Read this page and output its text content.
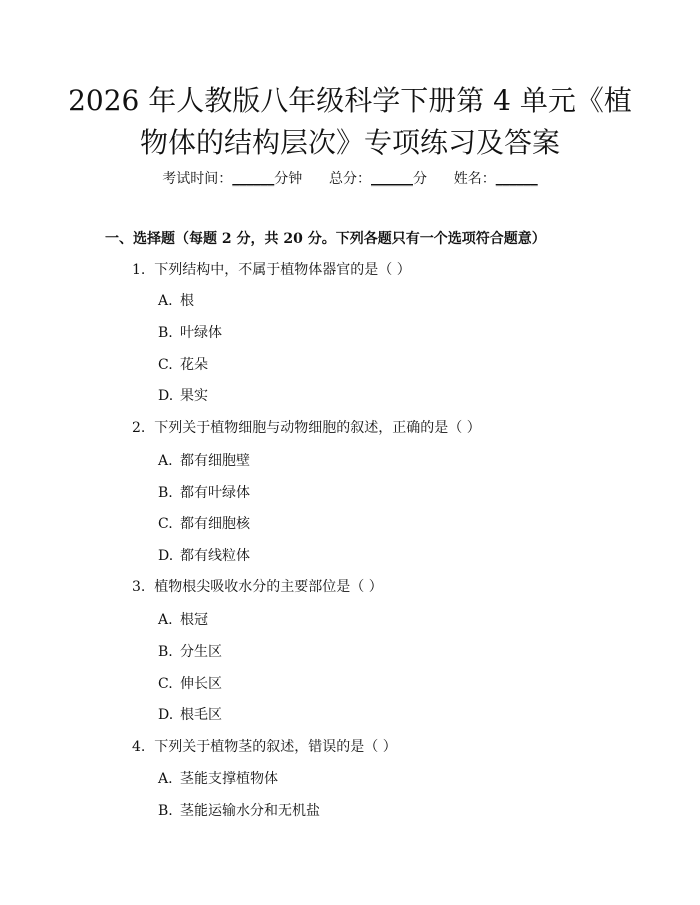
2026 年人教版八年级科学下册第 4 单元《植
物体的结构层次》专项练习及答案
考试时间：______分钟 总分：______分 姓名：______
一、选择题（每题 2 分，共 20 分。下列各题只有一个选项符合题意）
1. 下列结构中，不属于植物体器官的是（ ）
A. 根
B. 叶绿体
C. 花朵
D. 果实
2. 下列关于植物细胞与动物细胞的叙述，正确的是（ ）
A. 都有细胞壁
B. 都有叶绿体
C. 都有细胞核
D. 都有线粒体
3. 植物根尖吸收水分的主要部位是（ ）
A. 根冠
B. 分生区
C. 伸长区
D. 根毛区
4. 下列关于植物茎的叙述，错误的是（ ）
A. 茎能支撑植物体
B. 茎能运输水分和无机盐
